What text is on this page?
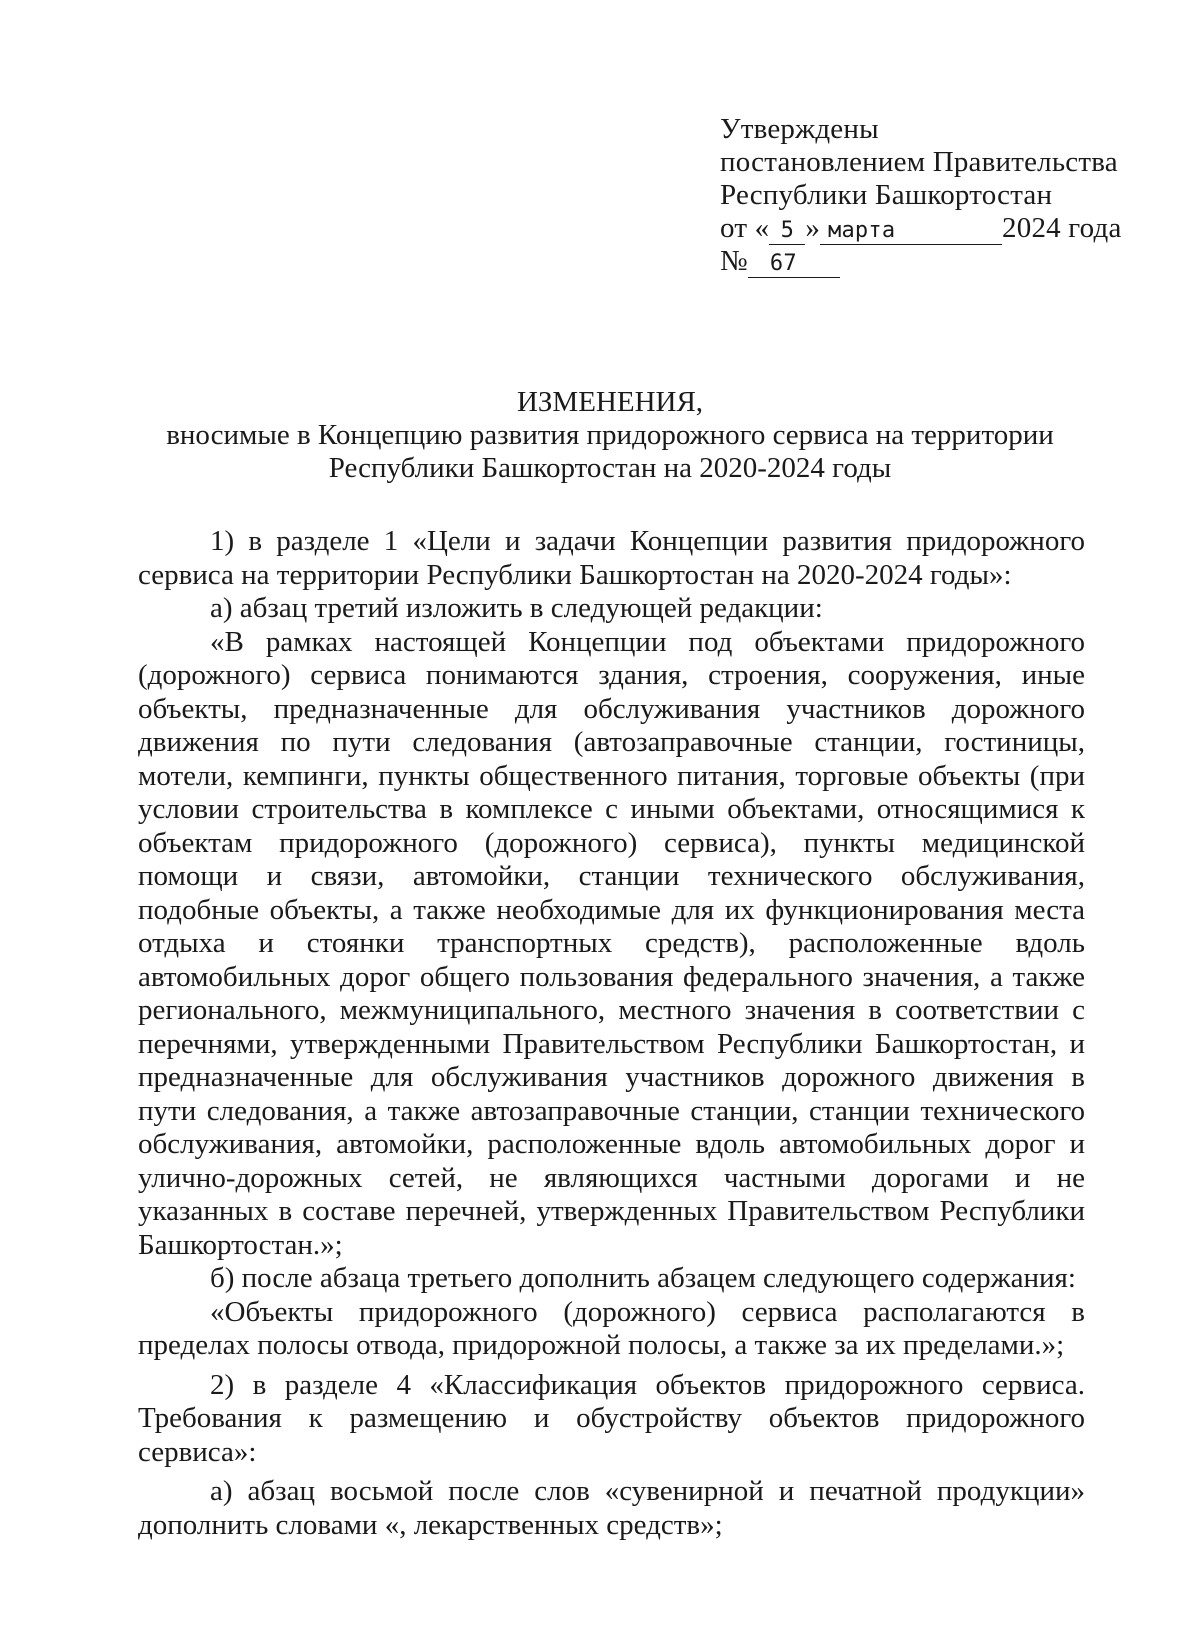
Утверждены
постановлением Правительства
Республики Башкортостан
от « 5 » марта	2024 года
№ 67
ИЗМЕНЕНИЯ,
вносимые в Концепцию развития придорожного сервиса на территории
Республики Башкортостан на 2020-2024 годы

1) в разделе 1 «Цели и задачи Концепции развития придорожного сервиса на территории Республики Башкортостан на 2020-2024 годы»:

а) абзац третий изложить в следующей редакции:

«В рамках настоящей Концепции под объектами придорожного (дорожного) сервиса понимаются здания, строения, сооружения, иные объекты, предназначенные для обслуживания участников дорожного движения по пути следования (автозаправочные станции, гостиницы, мотели, кемпинги, пункты общественного питания, торговые объекты (при условии строительства в комплексе с иными объектами, относящимися к объектам придорожного (дорожного) сервиса), пункты медицинской помощи и связи, автомойки, станции технического обслуживания, подобные объекты, а также необходимые для их функционирования места отдыха и стоянки транспортных средств), расположенные вдоль автомобильных дорог общего пользования федерального значения, а также регионального, межмуниципального, местного значения в соответствии с перечнями, утвержденными Правительством Республики Башкортостан, и предназначенные для обслуживания участников дорожного движения в пути следования, а также автозаправочные станции, станции технического обслуживания, автомойки, расположенные вдоль автомобильных дорог и улично-дорожных сетей, не являющихся частными дорогами и не указанных в составе перечней, утвержденных Правительством Республики Башкортостан.»;

б) после абзаца третьего дополнить абзацем следующего содержания:

«Объекты придорожного (дорожного) сервиса располагаются в пределах полосы отвода, придорожной полосы, а также за их пределами.»;

2) в разделе 4 «Классификация объектов придорожного сервиса. Требования к размещению и обустройству объектов придорожного сервиса»:

а) абзац восьмой после слов «сувенирной и печатной продукции» дополнить словами «, лекарственных средств»;
